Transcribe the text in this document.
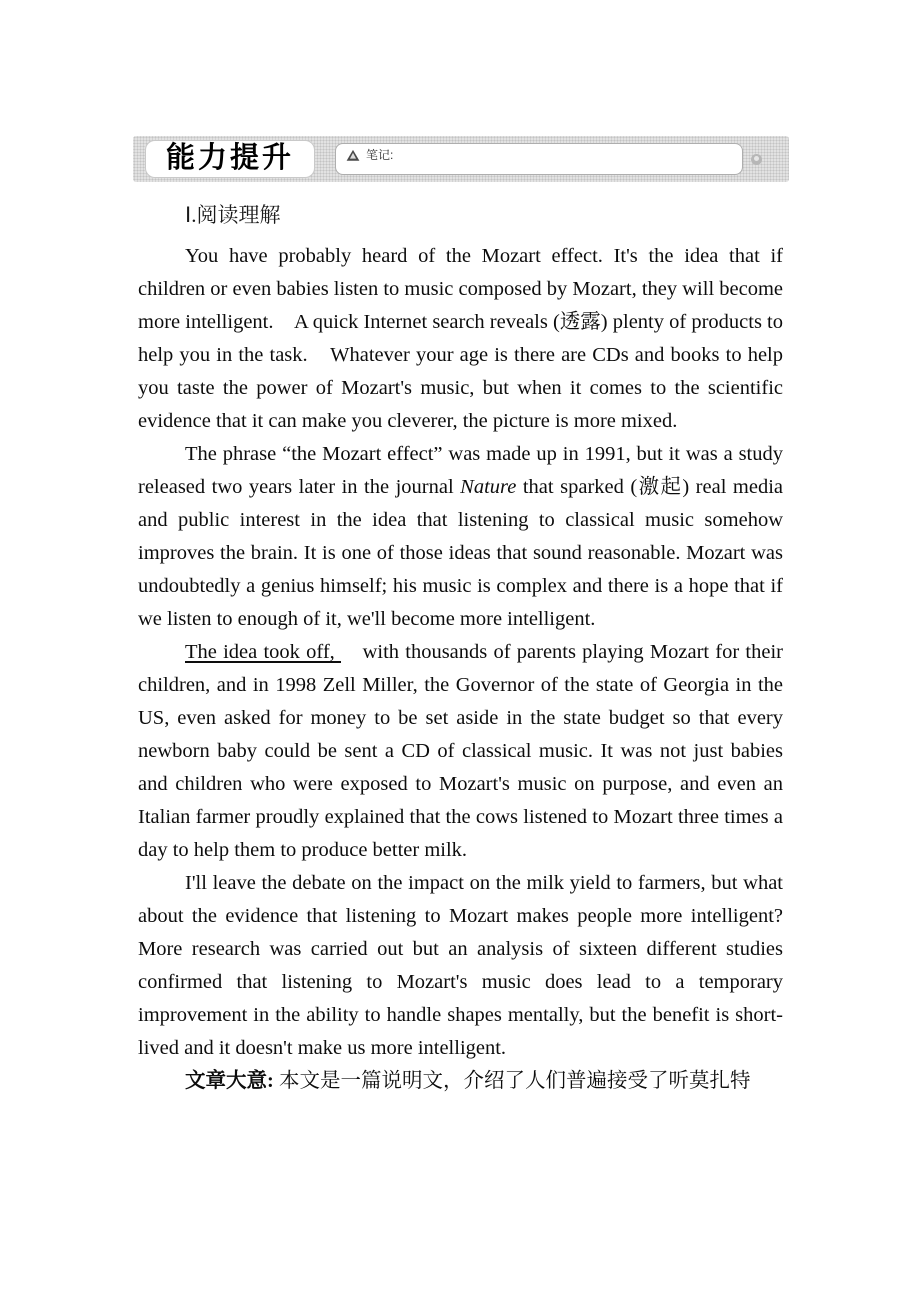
能力提升	笔记:
Ⅰ.阅读理解

You have probably heard of the Mozart effect. It's the idea that if children or even babies listen to music composed by Mozart, they will become more intelligent.　A quick Internet search reveals (透露) plenty of products to help you in the task.　Whatever your age is there are CDs and books to help you taste the power of Mozart's music, but when it comes to the scientific evidence that it can make you cleverer, the picture is more mixed.

The phrase “the Mozart effect” was made up in 1991, but it was a study released two years later in the journal Nature that sparked (激起) real media and public interest in the idea that listening to classical music somehow improves the brain. It is one of those ideas that sound reasonable. Mozart was undoubtedly a genius himself; his music is complex and there is a hope that if we listen to enough of it, we'll become more intelligent.

The idea took off, 　with thousands of parents playing Mozart for their children, and in 1998 Zell Miller, the Governor of the state of Georgia in the US, even asked for money to be set aside in the state budget so that every newborn baby could be sent a CD of classical music. It was not just babies and children who were exposed to Mozart's music on purpose, and even an Italian farmer proudly explained that the cows listened to Mozart three times a day to help them to produce better milk.

I'll leave the debate on the impact on the milk yield to farmers, but what about the evidence that listening to Mozart makes people more intelligent? More research was carried out but an analysis of sixteen different studies confirmed that listening to Mozart's music does lead to a temporary improvement in the ability to handle shapes mentally, but the benefit is short-lived and it doesn't make us more intelligent.

文章大意: 本文是一篇说明文，介绍了人们普遍接受了听莫扎特
